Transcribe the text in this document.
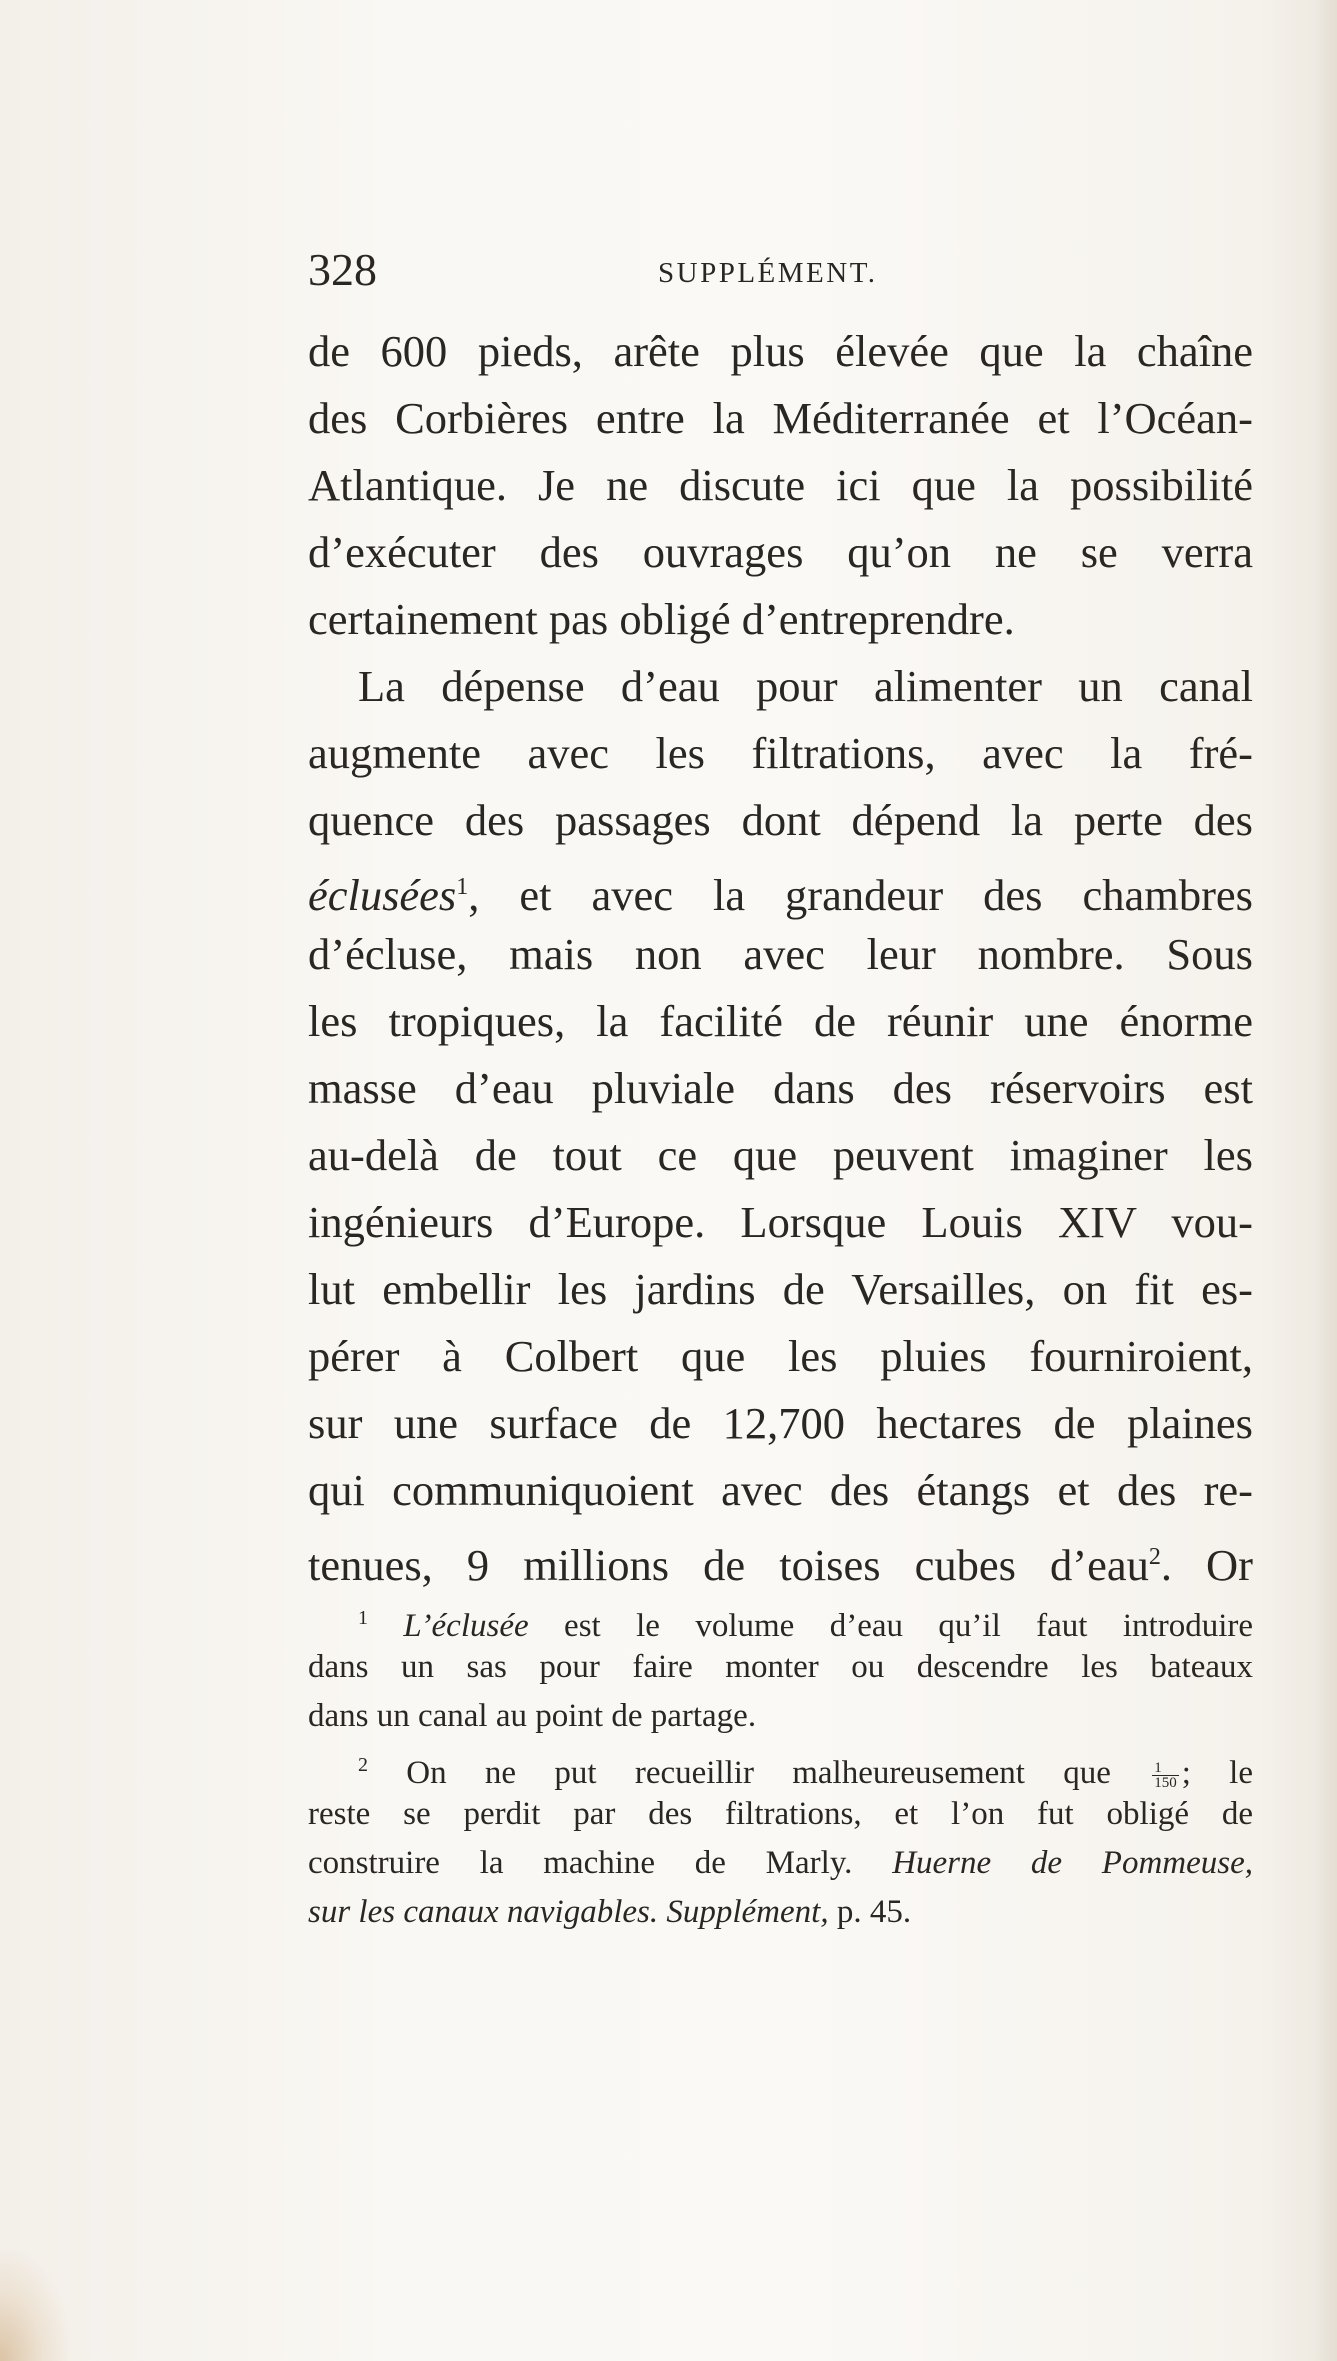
328	SUPPLÉMENT.
de 600 pieds, arête plus élevée que la chaîne
des Corbières entre la Méditerranée et l’Océan-
Atlantique. Je ne discute ici que la possibilité
d’exécuter des ouvrages qu’on ne se verra
certainement pas obligé d’entreprendre.
La dépense d’eau pour alimenter un canal
augmente avec les filtrations, avec la fré-
quence des passages dont dépend la perte des
éclusées$^1$, et avec la grandeur des chambres
d’écluse, mais non avec leur nombre. Sous
les tropiques, la facilité de réunir une énorme
masse d’eau pluviale dans des réservoirs est
au-delà de tout ce que peuvent imaginer les
ingénieurs d’Europe. Lorsque Louis XIV vou-
lut embellir les jardins de Versailles, on fit es-
pérer à Colbert que les pluies fourniroient,
sur une surface de 12,700 hectares de plaines
qui communiquoient avec des étangs et des re-
tenues, 9 millions de toises cubes d’eau$^2$. Or
$^1$ L’éclusée est le volume d’eau qu’il faut introduire
dans un sas pour faire monter ou descendre les bateaux
dans un canal au point de partage.
$^2$ On ne put recueillir malheureusement que $\frac{1}{150}$ ; le
reste se perdit par des filtrations, et l’on fut obligé de
construire la machine de Marly. Huerne de Pommeuse,
sur les canaux navigables. Supplément, p. 45.
